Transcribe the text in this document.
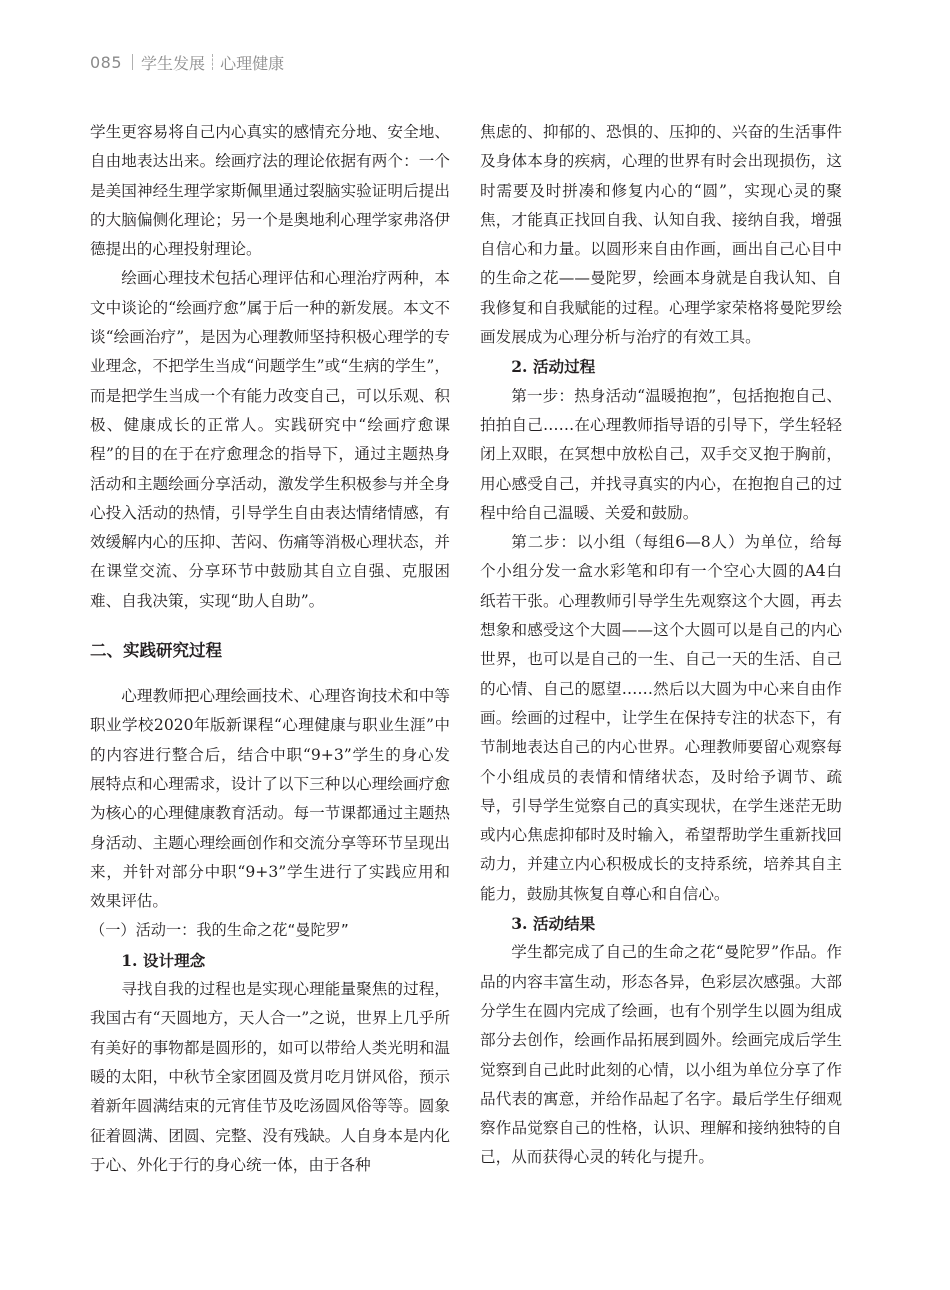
085 学生发展 心理健康

学生更容易将自己内心真实的感情充分地、安全地、自由地表达出来。绘画疗法的理论依据有两个：一个是美国神经生理学家斯佩里通过裂脑实验证明后提出的大脑偏侧化理论；另一个是奥地利心理学家弗洛伊德提出的心理投射理论。

绘画心理技术包括心理评估和心理治疗两种，本文中谈论的“绘画疗愈”属于后一种的新发展。本文不谈“绘画治疗”，是因为心理教师坚持积极心理学的专业理念，不把学生当成“问题学生”或“生病的学生”，而是把学生当成一个有能力改变自己，可以乐观、积极、健康成长的正常人。实践研究中“绘画疗愈课程”的目的在于在疗愈理念的指导下，通过主题热身活动和主题绘画分享活动，激发学生积极参与并全身心投入活动的热情，引导学生自由表达情绪情感，有效缓解内心的压抑、苦闷、伤痛等消极心理状态，并在课堂交流、分享环节中鼓励其自立自强、克服困难、自我决策，实现“助人自助”。

二、实践研究过程

心理教师把心理绘画技术、心理咨询技术和中等职业学校2020年版新课程“心理健康与职业生涯”中的内容进行整合后，结合中职“9+3”学生的身心发展特点和心理需求，设计了以下三种以心理绘画疗愈为核心的心理健康教育活动。每一节课都通过主题热身活动、主题心理绘画创作和交流分享等环节呈现出来，并针对部分中职“9+3”学生进行了实践应用和效果评估。

（一）活动一：我的生命之花“曼陀罗”
1. 设计理念

寻找自我的过程也是实现心理能量聚焦的过程，我国古有“天圆地方，天人合一”之说，世界上几乎所有美好的事物都是圆形的，如可以带给人类光明和温暖的太阳，中秋节全家团圆及赏月吃月饼风俗，预示着新年圆满结束的元宵佳节及吃汤圆风俗等等。圆象征着圆满、团圆、完整、没有残缺。人自身本是内化于心、外化于行的身心统一体，由于各种

焦虑的、抑郁的、恐惧的、压抑的、兴奋的生活事件及身体本身的疾病，心理的世界有时会出现损伤，这时需要及时拼凑和修复内心的“圆”，实现心灵的聚焦，才能真正找回自我、认知自我、接纳自我，增强自信心和力量。以圆形来自由作画，画出自己心目中的生命之花——曼陀罗，绘画本身就是自我认知、自我修复和自我赋能的过程。心理学家荣格将曼陀罗绘画发展成为心理分析与治疗的有效工具。

2. 活动过程

第一步：热身活动“温暖抱抱”，包括抱抱自己、拍拍自己……在心理教师指导语的引导下，学生轻轻闭上双眼，在冥想中放松自己，双手交叉抱于胸前，用心感受自己，并找寻真实的内心，在抱抱自己的过程中给自己温暖、关爱和鼓励。

第二步：以小组（每组6—8人）为单位，给每个小组分发一盒水彩笔和印有一个空心大圆的A4白纸若干张。心理教师引导学生先观察这个大圆，再去想象和感受这个大圆——这个大圆可以是自己的内心世界，也可以是自己的一生、自己一天的生活、自己的心情、自己的愿望……然后以大圆为中心来自由作画。绘画的过程中，让学生在保持专注的状态下，有节制地表达自己的内心世界。心理教师要留心观察每个小组成员的表情和情绪状态，及时给予调节、疏导，引导学生觉察自己的真实现状，在学生迷茫无助或内心焦虑抑郁时及时输入，希望帮助学生重新找回动力，并建立内心积极成长的支持系统，培养其自主能力，鼓励其恢复自尊心和自信心。

3. 活动结果

学生都完成了自己的生命之花“曼陀罗”作品。作品的内容丰富生动，形态各异，色彩层次感强。大部分学生在圆内完成了绘画，也有个别学生以圆为组成部分去创作，绘画作品拓展到圆外。绘画完成后学生觉察到自己此时此刻的心情，以小组为单位分享了作品代表的寓意，并给作品起了名字。最后学生仔细观察作品觉察自己的性格，认识、理解和接纳独特的自己，从而获得心灵的转化与提升。
